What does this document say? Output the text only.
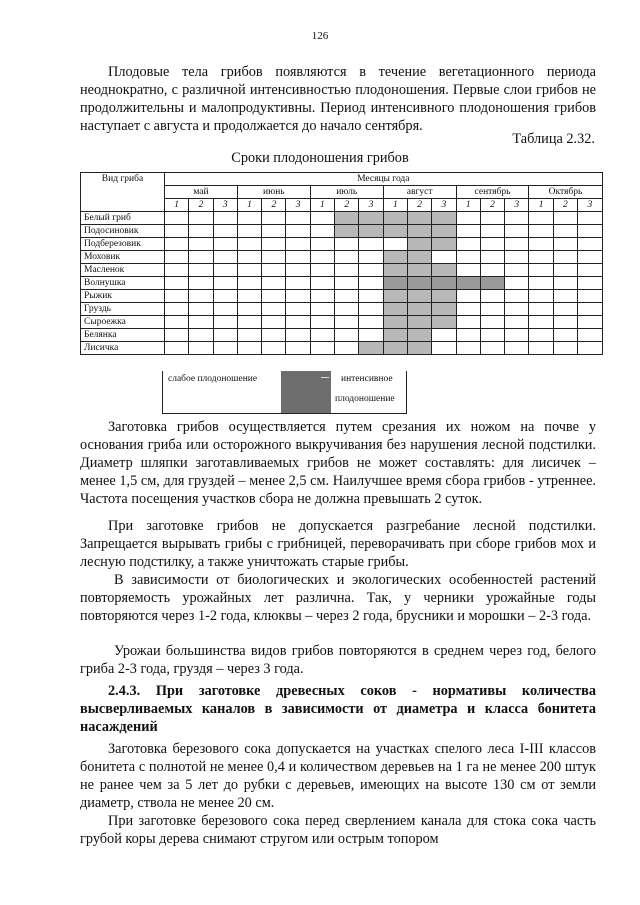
126

Плодовые тела грибов появляются в течение вегетационного периода неоднократно, с различной интенсивностью плодоношения. Первые слои грибов не продолжительны и малопродуктивны. Период интенсивного плодоношения грибов наступает с августа и продолжается до начало сентября.

Таблица 2.32.
Сроки плодоношения грибов
Вид гриба	Месяцы года																	
	май			июнь			июль			август			сентябрь			Октябрь		
	1	2	3	1	2	3	1	2	3	1	2	3	1	2	3	1	2	3
Белый гриб																		
Подосиновик																		
Подберезовик																		
Моховик																		
Масленок																		
Волнушка																		
Рыжик																		
Груздь																		
Сыроежка																		
Белянка																		
Лисичка																		
слабое плодоношение	интенсивное
плодоношение

Заготовка грибов осуществляется путем срезания их ножом на почве у основания гриба или осторожного выкручивания без нарушения лесной подстилки. Диаметр шляпки заготавливаемых грибов не может составлять: для лисичек – менее 1,5 см, для груздей – менее 2,5 см. Наилучшее время сбора грибов - утреннее. Частота посещения участков сбора не должна превышать 2 суток.

При заготовке грибов не допускается разгребание лесной подстилки. Запрещается вырывать грибы с грибницей, переворачивать при сборе грибов мох и лесную подстилку, а также уничтожать старые грибы.

В зависимости от биологических и экологических особенностей растений повторяемость урожайных лет различна. Так, у черники урожайные годы повторяются через 1-2 года, клюквы – через 2 года, брусники и морошки – 2-3 года.

Урожаи большинства видов грибов повторяются в среднем через год, белого гриба 2-3 года, груздя – через 3 года.

2.4.3. При заготовке древесных соков - нормативы количества высверливаемых каналов в зависимости от диаметра и класса бонитета насаждений

Заготовка березового сока допускается на участках спелого леса I-III классов бонитета с полнотой не менее 0,4 и количеством деревьев на 1 га не менее 200 штук не ранее чем за 5 лет до рубки с деревьев, имеющих на высоте 130 см от земли диаметр, ствола не менее 20 см.

При заготовке березового сока перед сверлением канала для стока сока часть грубой коры дерева снимают стругом или острым топором
